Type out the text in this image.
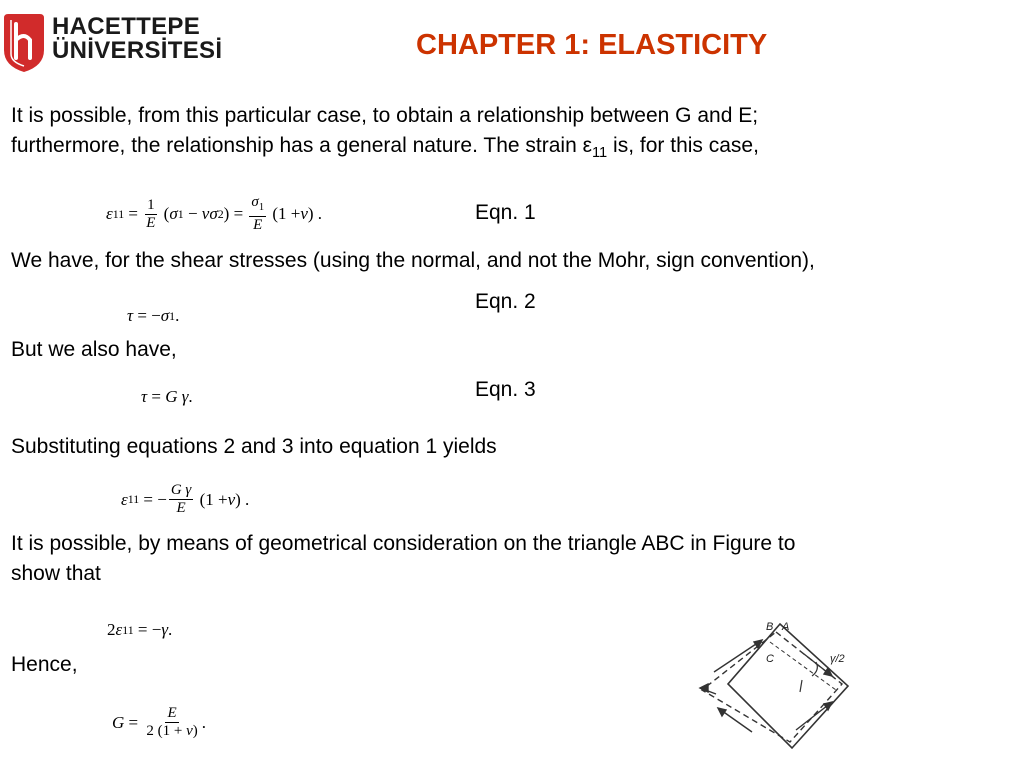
HACETTEPE
ÜNİVERSİTESİ	CHAPTER 1: ELASTICITY
It is possible, from this particular case, to obtain a relationship between G and E;
furthermore, the relationship has a general nature. The strain $\varepsilon_{11}$ is, for this case,
ε $11 = \frac{1}{E}$ ( σ 1 − νσ 2 ) = $\frac{\sigma_1}{E} (1 + \nu$ ) .	Eqn. 1
We have, for the shear stresses (using the normal, and not the Mohr, sign convention),
Eqn. 2
τ = − σ 1 .
But we also have,
Eqn. 3
τ = G γ .
Substituting equations 2 and 3 into equation 1 yields
ε 11 = − $\frac{\text{G γ}}{E} (1 + \nu$ ) .
It is possible, by means of geometrical consideration on the triangle ABC in Figure to
show that
2 ε 11 = − γ .
Hence,
$G = \frac{E}{2 (1 + \nu)}$ .
B A
C	γ/2
